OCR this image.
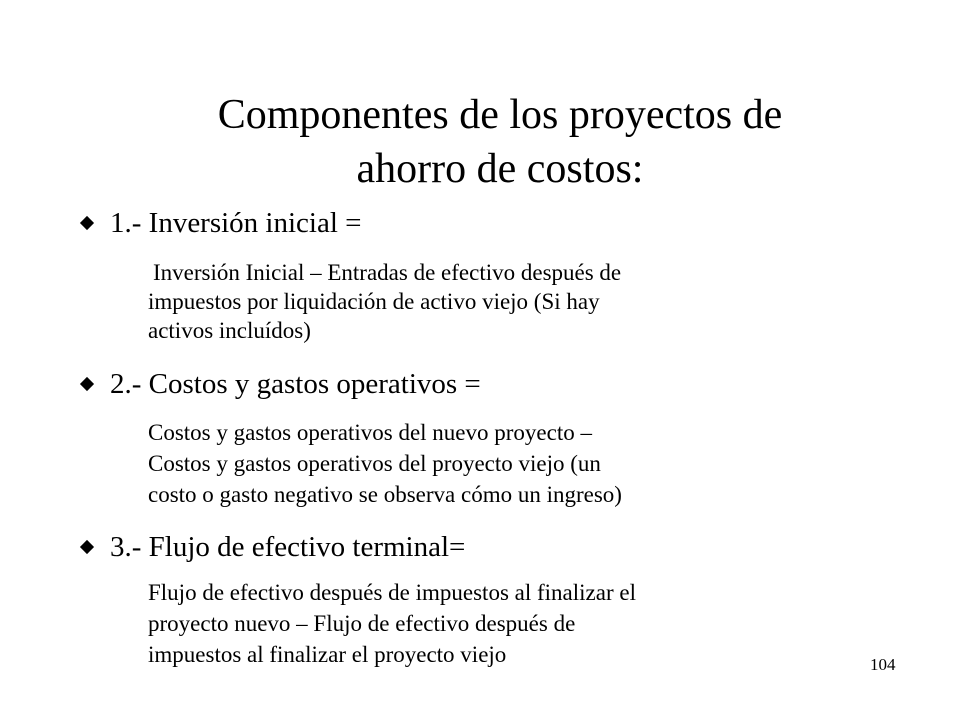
Componentes de los proyectos de
ahorro de costos:
1.- Inversión inicial =
Inversión Inicial – Entradas de efectivo después de
impuestos por liquidación de activo viejo (Si hay
activos incluídos)
2.- Costos y gastos operativos =
Costos y gastos operativos del nuevo proyecto –
Costos y gastos operativos del proyecto viejo (un
costo o gasto negativo se observa cómo un ingreso)
3.- Flujo de efectivo terminal=
Flujo de efectivo después de impuestos al finalizar el
proyecto nuevo – Flujo de efectivo después de
impuestos al finalizar el proyecto viejo	104
